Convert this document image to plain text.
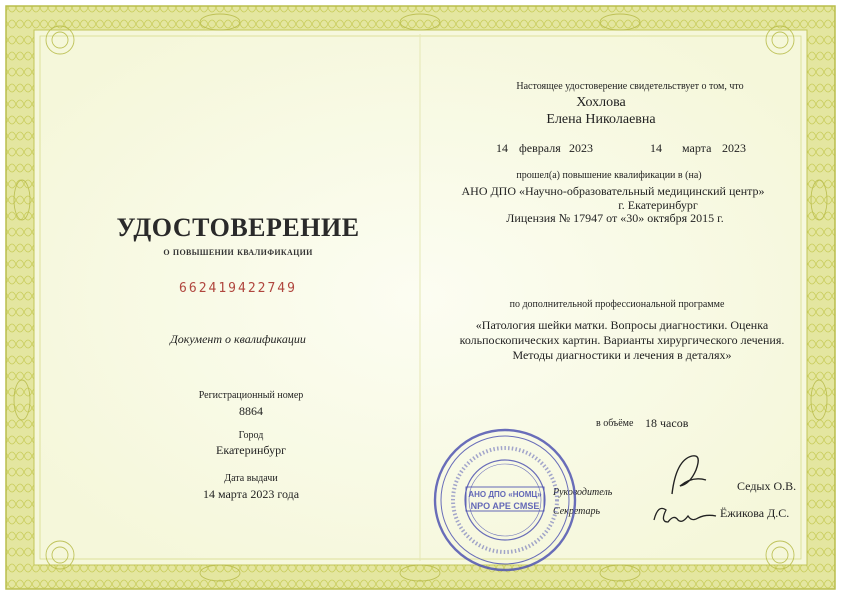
УДОСТОВЕРЕНИЕ
о повышении квалификации
662419422749
Документ о квалификации
Регистрационный номер
8864
Город
Екатеринбург
Дата выдачи
14 марта 2023 года
Настоящее удостоверение свидетельствует о том, что
Хохлова
Елена Николаевна
14 февраля 2023	14 марта 2023
прошел(а) повышение квалификации в (на)
АНО ДПО «Научно-образовательный медицинский центр»
г. Екатеринбург
Лицензия № 17947 от «30» октября 2015 г.
по дополнительной профессиональной программе
«Патология шейки матки. Вопросы диагностики. Оценка кольпоскопических картин. Варианты хирургического лечения. Методы диагностики и лечения в деталях»
в объёме 18 часов
Руководитель	Седых О.В.
Секретарь	Ёжикова Д.С.
АНО ДПО «НОМЦ»
NPO APE CMSE
